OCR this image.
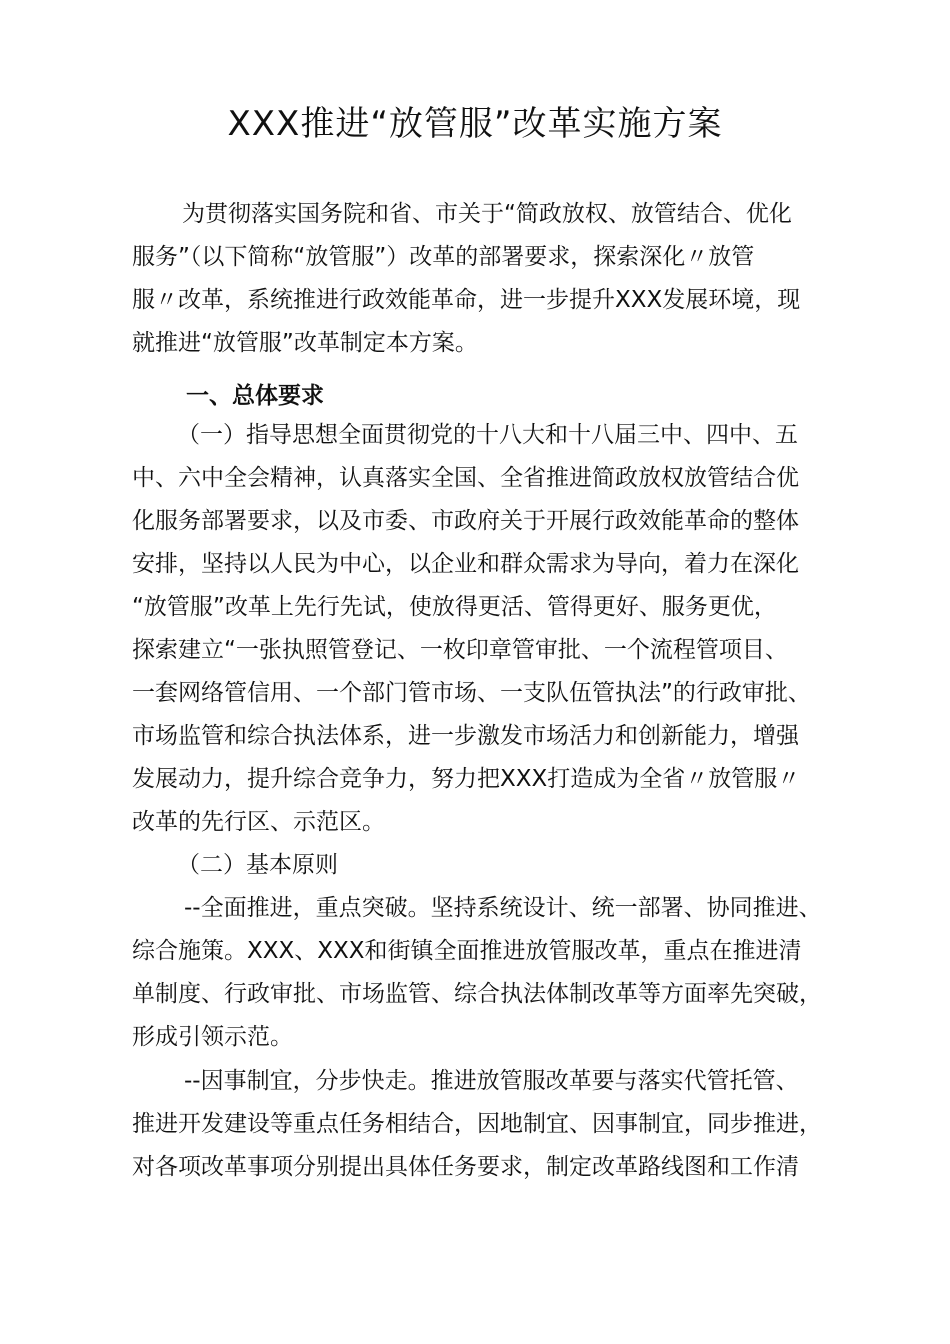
XXX推进“放管服”改革实施方案

为贯彻落实国务院和省、市关于“简政放权、放管结合、优化

服务”（以下简称“放管服”）改革的部署要求，探索深化〃放管

服〃改革，系统推进行政效能革命，进一步提升XXX发展环境，现

就推进“放管服”改革制定本方案。

一、总体要求

（一）指导思想全面贯彻党的十八大和十八届三中、四中、五

中、六中全会精神，认真落实全国、全省推进简政放权放管结合优

化服务部署要求，以及市委、市政府关于开展行政效能革命的整体

安排，坚持以人民为中心，以企业和群众需求为导向，着力在深化

“放管服”改革上先行先试，使放得更活、管得更好、服务更优，

探索建立“一张执照管登记、一枚印章管审批、一个流程管项目、

一套网络管信用、一个部门管市场、一支队伍管执法”的行政审批、

市场监管和综合执法体系，进一步激发市场活力和创新能力，增强

发展动力，提升综合竞争力，努力把XXX打造成为全省〃放管服〃

改革的先行区、示范区。

（二）基本原则

--全面推进，重点突破。坚持系统设计、统一部署、协同推进、

综合施策。XXX、XXX和街镇全面推进放管服改革，重点在推进清

单制度、行政审批、市场监管、综合执法体制改革等方面率先突破，

形成引领示范。

--因事制宜，分步快走。推进放管服改革要与落实代管托管、

推进开发建设等重点任务相结合，因地制宜、因事制宜，同步推进，

对各项改革事项分别提出具体任务要求，制定改革路线图和工作清
